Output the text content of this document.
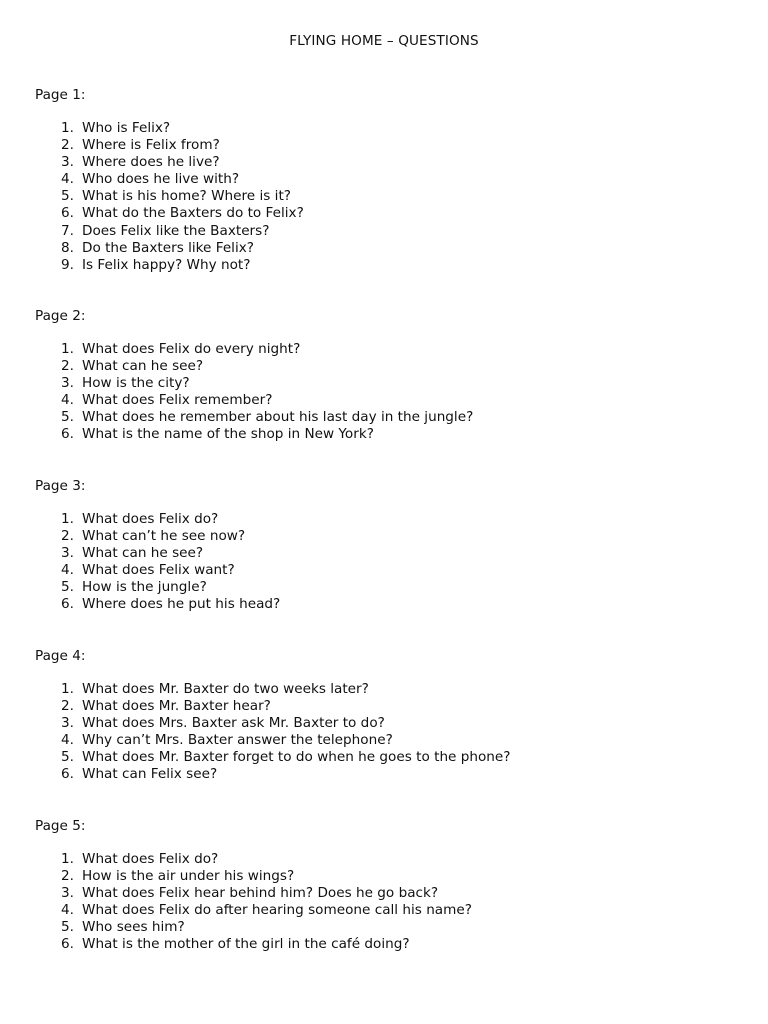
FLYING HOME – QUESTIONS
Page 1:
1. Who is Felix?
2. Where is Felix from?
3. Where does he live?
4. Who does he live with?
5. What is his home? Where is it?
6. What do the Baxters do to Felix?
7. Does Felix like the Baxters?
8. Do the Baxters like Felix?
9. Is Felix happy? Why not?
Page 2:
1. What does Felix do every night?
2. What can he see?
3. How is the city?
4. What does Felix remember?
5. What does he remember about his last day in the jungle?
6. What is the name of the shop in New York?
Page 3:
1. What does Felix do?
2. What can’t he see now?
3. What can he see?
4. What does Felix want?
5. How is the jungle?
6. Where does he put his head?
Page 4:
1. What does Mr. Baxter do two weeks later?
2. What does Mr. Baxter hear?
3. What does Mrs. Baxter ask Mr. Baxter to do?
4. Why can’t Mrs. Baxter answer the telephone?
5. What does Mr. Baxter forget to do when he goes to the phone?
6. What can Felix see?
Page 5:
1. What does Felix do?
2. How is the air under his wings?
3. What does Felix hear behind him? Does he go back?
4. What does Felix do after hearing someone call his name?
5. Who sees him?
6. What is the mother of the girl in the café doing?
